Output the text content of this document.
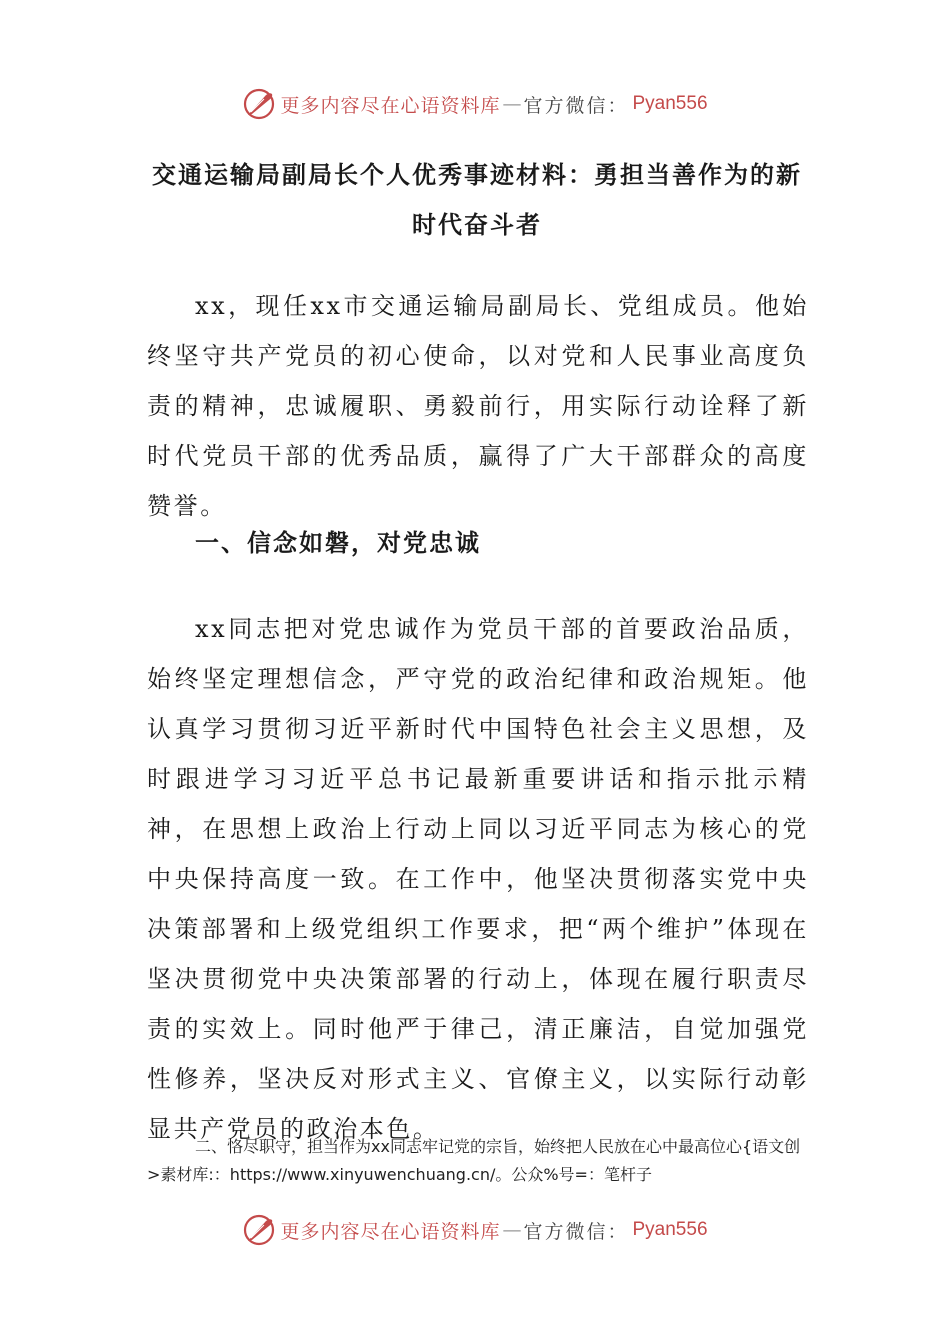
更多内容尽在心语资料库 — 官方微信： Pyan556
交通运输局副局长个人优秀事迹材料：勇担当善作为的新时代奋斗者

xx，现任xx市交通运输局副局长、党组成员。他始终坚守共产党员的初心使命，以对党和人民事业高度负责的精神，忠诚履职、勇毅前行，用实际行动诠释了新时代党员干部的优秀品质，赢得了广大干部群众的高度赞誉。

一、信念如磐，对党忠诚

xx同志把对党忠诚作为党员干部的首要政治品质，始终坚定理想信念，严守党的政治纪律和政治规矩。他认真学习贯彻习近平新时代中国特色社会主义思想，及时跟进学习习近平总书记最新重要讲话和指示批示精神，在思想上政治上行动上同以习近平同志为核心的党中央保持高度一致。在工作中，他坚决贯彻落实党中央决策部署和上级党组织工作要求，把“两个维护”体现在坚决贯彻党中央决策部署的行动上，体现在履行职责尽责的实效上。同时他严于律己，清正廉洁，自觉加强党性修养，坚决反对形式主义、官僚主义，以实际行动彰显共产党员的政治本色。

二、恪尽职守，担当作为xx同志牢记党的宗旨，始终把人民放在心中最高位心{语文创>素材库:：https://www.xinyuwenchuang.cn/。公众%号=：笔杆子

更多内容尽在心语资料库 — 官方微信： Pyan556
